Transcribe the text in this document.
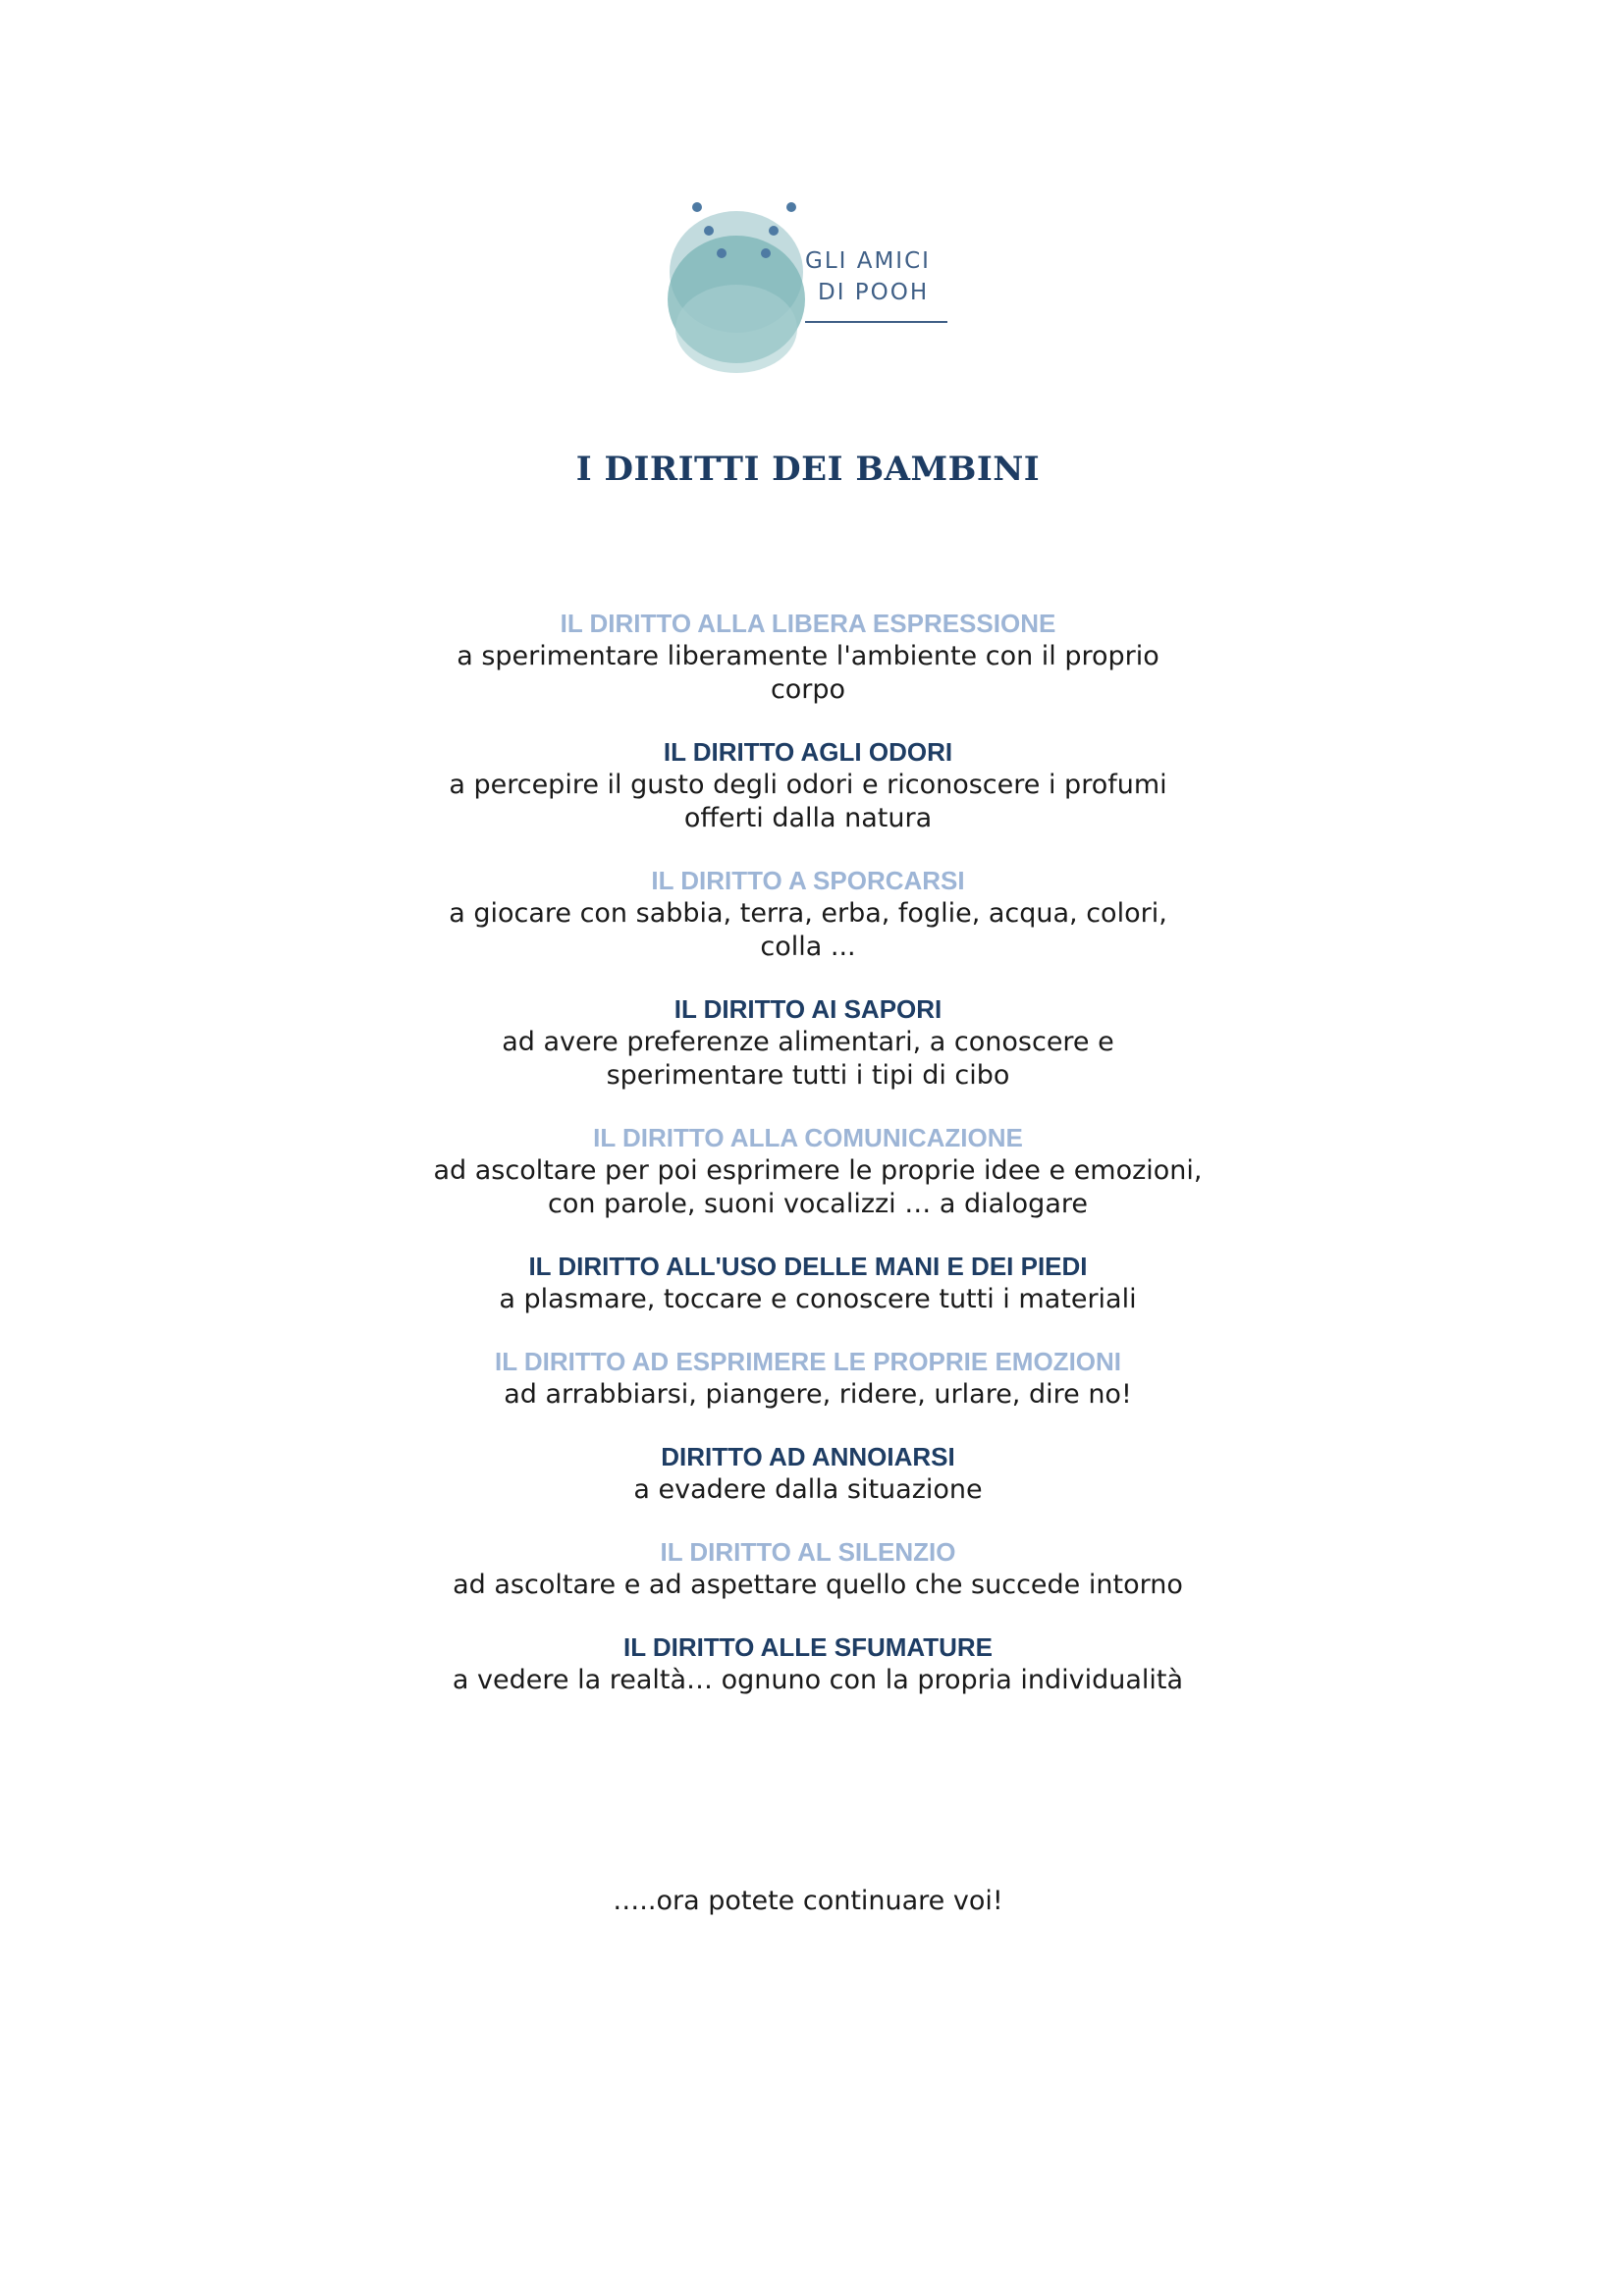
GLI AMICI
DI POOH
I DIRITTI DEI BAMBINI

IL DIRITTO ALLA LIBERA ESPRESSIONE

a sperimentare liberamente l'ambiente con il proprio corpo

IL DIRITTO AGLI ODORI

a percepire il gusto degli odori e riconoscere i profumi offerti dalla natura

IL DIRITTO A SPORCARSI

a giocare con sabbia, terra, erba, foglie, acqua, colori, colla ...

IL DIRITTO AI SAPORI

ad avere preferenze alimentari, a conoscere e sperimentare tutti i tipi di cibo

IL DIRITTO ALLA COMUNICAZIONE

ad ascoltare per poi esprimere le proprie idee e emozioni, con parole, suoni vocalizzi … a dialogare

IL DIRITTO ALL'USO DELLE MANI E DEI PIEDI

a plasmare, toccare e conoscere tutti i materiali

IL DIRITTO AD ESPRIMERE LE PROPRIE EMOZIONI

ad arrabbiarsi, piangere, ridere, urlare, dire no!

DIRITTO AD ANNOIARSI

a evadere dalla situazione

IL DIRITTO AL SILENZIO

ad ascoltare e ad aspettare quello che succede intorno

IL DIRITTO ALLE SFUMATURE

a vedere la realtà… ognuno con la propria individualità

…..ora potete continuare voi!
